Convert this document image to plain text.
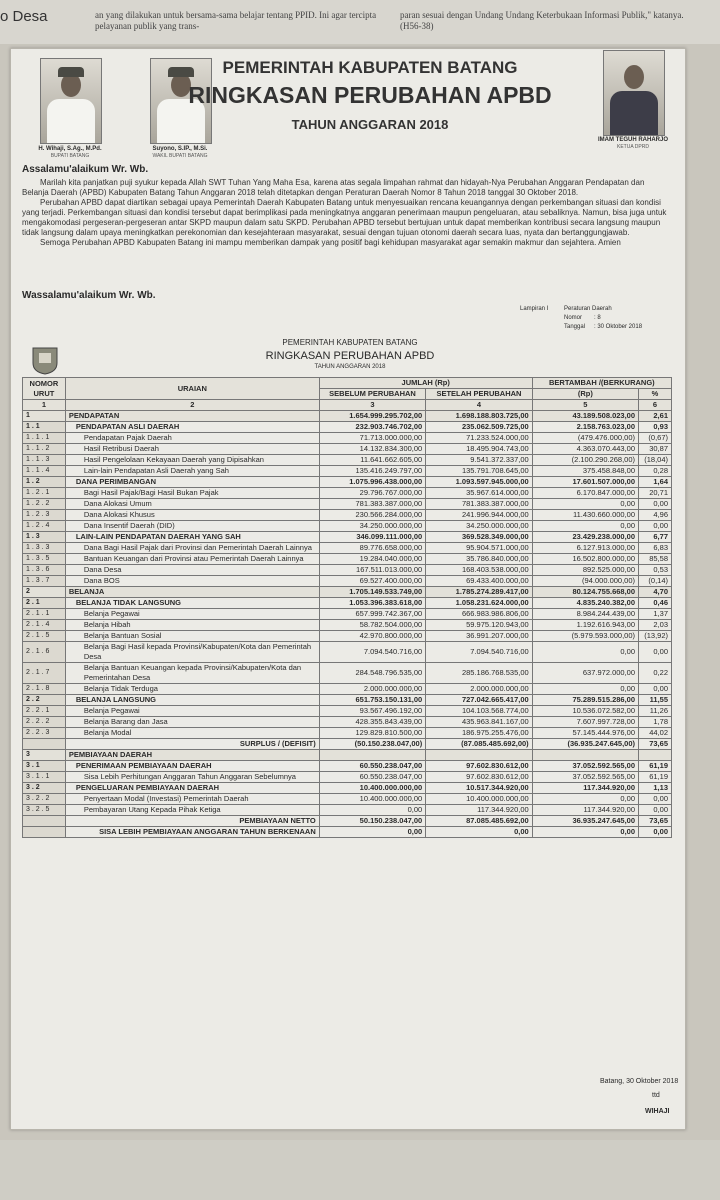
o Desa	an yang dilakukan untuk bersama-sama belajar tentang PPID. Ini agar tercipta pelayanan publik yang trans-
paran sesuai dengan Undang Undang Keterbukaan Informasi Publik," katanya. (H56-38)
H. Wihaji, S.Ag., M.Pd.
BUPATI BATANG
Suyono, S.IP., M.Si.
WAKIL BUPATI BATANG
IMAM TEGUH RAHARJO
KETUA DPRD
PEMERINTAH KABUPATEN BATANG
RINGKASAN PERUBAHAN APBD
TAHUN ANGGARAN 2018
Assalamu'alaikum Wr. Wb.

Marilah kita panjatkan puji syukur kepada Allah SWT Tuhan Yang Maha Esa, karena atas segala limpahan rahmat dan hidayah-Nya Perubahan Anggaran Pendapatan dan Belanja Daerah (APBD) Kabupaten Batang Tahun Anggaran 2018 telah ditetapkan dengan Peraturan Daerah Nomor 8 Tahun 2018 tanggal 30 Oktober 2018.

Perubahan APBD dapat diartikan sebagai upaya Pemerintah Daerah Kabupaten Batang untuk menyesuaikan rencana keuangannya dengan perkembangan situasi dan kondisi yang terjadi. Perkembangan situasi dan kondisi tersebut dapat berimplikasi pada meningkatnya anggaran penerimaan maupun pengeluaran, atau sebaliknya. Namun, bisa juga untuk mengakomodasi pergeseran-pergeseran antar SKPD maupun dalam satu SKPD. Perubahan APBD tersebut bertujuan untuk dapat memberikan kontribusi secara langsung maupun tidak langsung dalam upaya meningkatkan perekonomian dan kesejahteraan masyarakat, sesuai dengan tujuan otonomi daerah secara luas, nyata dan bertanggungjawab.

Semoga Perubahan APBD Kabupaten Batang ini mampu memberikan dampak yang positif bagi kehidupan masyarakat agar semakin makmur dan sejahtera. Amien

Wassalamu'alaikum Wr. Wb.
Lampiran I	Peraturan Daerah
Nomor : 8
Tanggal : 30 Oktober 2018
PEMERINTAH KABUPATEN BATANG
RINGKASAN PERUBAHAN APBD
TAHUN ANGGARAN 2018
NOMOR URUT	URAIAN	JUMLAH (Rp)		BERTAMBAH /(BERKURANG)	
		SEBELUM PERUBAHAN	SETELAH PERUBAHAN	(Rp)	%
1	2	3	4	5	6
1	PENDAPATAN	1.654.999.295.702,00	1.698.188.803.725,00	43.189.508.023,00	2,61
1 . 1	PENDAPATAN ASLI DAERAH	232.903.746.702,00	235.062.509.725,00	2.158.763.023,00	0,93
1 . 1 . 1	Pendapatan Pajak Daerah	71.713.000.000,00	71.233.524.000,00	(479.476.000,00)	(0,67)
1 . 1 . 2	Hasil Retribusi Daerah	14.132.834.300,00	18.495.904.743,00	4.363.070.443,00	30,87
1 . 1 . 3	Hasil Pengelolaan Kekayaan Daerah yang Dipisahkan	11.641.662.605,00	9.541.372.337,00	(2.100.290.268,00)	(18,04)
1 . 1 . 4	Lain-lain Pendapatan Asli Daerah yang Sah	135.416.249.797,00	135.791.708.645,00	375.458.848,00	0,28
1 . 2	DANA PERIMBANGAN	1.075.996.438.000,00	1.093.597.945.000,00	17.601.507.000,00	1,64
1 . 2 . 1	Bagi Hasil Pajak/Bagi Hasil Bukan Pajak	29.796.767.000,00	35.967.614.000,00	6.170.847.000,00	20,71
1 . 2 . 2	Dana Alokasi Umum	781.383.387.000,00	781.383.387.000,00	0,00	0,00
1 . 2 . 3	Dana Alokasi Khusus	230.566.284.000,00	241.996.944.000,00	11.430.660.000,00	4,96
1 . 2 . 4	Dana Insentif Daerah (DID)	34.250.000.000,00	34.250.000.000,00	0,00	0,00
1 . 3	LAIN-LAIN PENDAPATAN DAERAH YANG SAH	346.099.111.000,00	369.528.349.000,00	23.429.238.000,00	6,77
1 . 3 . 3	Dana Bagi Hasil Pajak dari Provinsi dan Pemerintah Daerah Lainnya	89.776.658.000,00	95.904.571.000,00	6.127.913.000,00	6,83
1 . 3 . 5	Bantuan Keuangan dari Provinsi atau Pemerintah Daerah Lainnya	19.284.040.000,00	35.786.840.000,00	16.502.800.000,00	85,58
1 . 3 . 6	Dana Desa	167.511.013.000,00	168.403.538.000,00	892.525.000,00	0,53
1 . 3 . 7	Dana BOS	69.527.400.000,00	69.433.400.000,00	(94.000.000,00)	(0,14)
2	BELANJA	1.705.149.533.749,00	1.785.274.289.417,00	80.124.755.668,00	4,70
2 . 1	BELANJA TIDAK LANGSUNG	1.053.396.383.618,00	1.058.231.624.000,00	4.835.240.382,00	0,46
2 . 1 . 1	Belanja Pegawai	657.999.742.367,00	666.983.986.806,00	8.984.244.439,00	1,37
2 . 1 . 4	Belanja Hibah	58.782.504.000,00	59.975.120.943,00	1.192.616.943,00	2,03
2 . 1 . 5	Belanja Bantuan Sosial	42.970.800.000,00	36.991.207.000,00	(5.979.593.000,00)	(13,92)
2 . 1 . 6	Belanja Bagi Hasil kepada Provinsi/Kabupaten/Kota dan Pemerintah Desa	7.094.540.716,00	7.094.540.716,00	0,00	0,00
2 . 1 . 7	Belanja Bantuan Keuangan kepada Provinsi/Kabupaten/Kota dan Pemerintahan Desa	284.548.796.535,00	285.186.768.535,00	637.972.000,00	0,22
2 . 1 . 8	Belanja Tidak Terduga	2.000.000.000,00	2.000.000.000,00	0,00	0,00
2 . 2	BELANJA LANGSUNG	651.753.150.131,00	727.042.665.417,00	75.289.515.286,00	11,55
2 . 2 . 1	Belanja Pegawai	93.567.496.192,00	104.103.568.774,00	10.536.072.582,00	11,26
2 . 2 . 2	Belanja Barang dan Jasa	428.355.843.439,00	435.963.841.167,00	7.607.997.728,00	1,78
2 . 2 . 3	Belanja Modal	129.829.810.500,00	186.975.255.476,00	57.145.444.976,00	44,02
	SURPLUS / (DEFISIT)	(50.150.238.047,00)	(87.085.485.692,00)	(36.935.247.645,00)	73,65
3	PEMBIAYAAN DAERAH				
3 . 1	PENERIMAAN PEMBIAYAAN DAERAH	60.550.238.047,00	97.602.830.612,00	37.052.592.565,00	61,19
3 . 1 . 1	Sisa Lebih Perhitungan Anggaran Tahun Anggaran Sebelumnya	60.550.238.047,00	97.602.830.612,00	37.052.592.565,00	61,19
3 . 2	PENGELUARAN PEMBIAYAAN DAERAH	10.400.000.000,00	10.517.344.920,00	117.344.920,00	1,13
3 . 2 . 2	Penyertaan Modal (Investasi) Pemerintah Daerah	10.400.000.000,00	10.400.000.000,00	0,00	0,00
3 . 2 . 5	Pembayaran Utang Kepada Pihak Ketiga	0,00	117.344.920,00	117.344.920,00	0,00
	PEMBIAYAAN NETTO	50.150.238.047,00	87.085.485.692,00	36.935.247.645,00	73,65
	SISA LEBIH PEMBIAYAAN ANGGARAN TAHUN BERKENAAN	0,00	0,00	0,00	0,00
Batang, 30 Oktober 2018
ttd
WIHAJI
